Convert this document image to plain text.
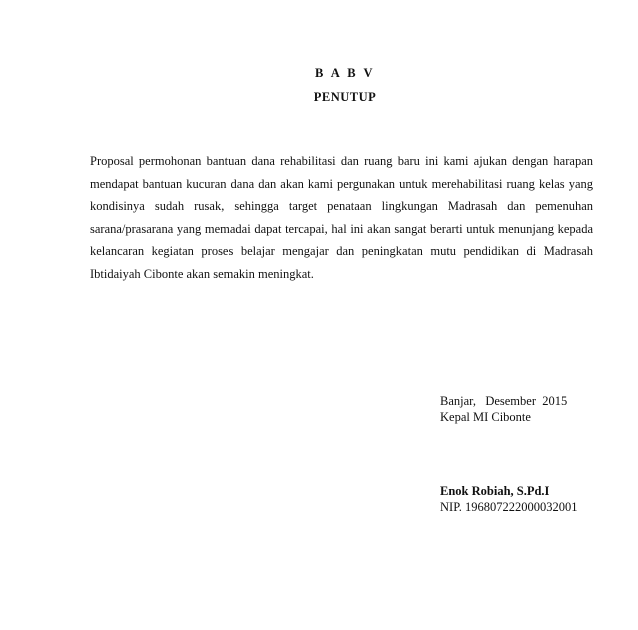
B A B V
PENUTUP

Proposal permohonan bantuan dana rehabilitasi dan ruang baru ini kami ajukan dengan harapan mendapat bantuan kucuran dana dan akan kami pergunakan untuk merehabilitasi ruang kelas yang kondisinya sudah rusak, sehingga target penataan lingkungan Madrasah dan pemenuhan sarana/prasarana yang memadai dapat tercapai, hal ini akan sangat berarti untuk menunjang kepada kelancaran kegiatan proses belajar mengajar dan peningkatan mutu pendidikan di Madrasah Ibtidaiyah Cibonte akan semakin meningkat.

Banjar,   Desember  2015
Kepal MI Cibonte
Enok Robiah, S.Pd.I
NIP. 196807222000032001
